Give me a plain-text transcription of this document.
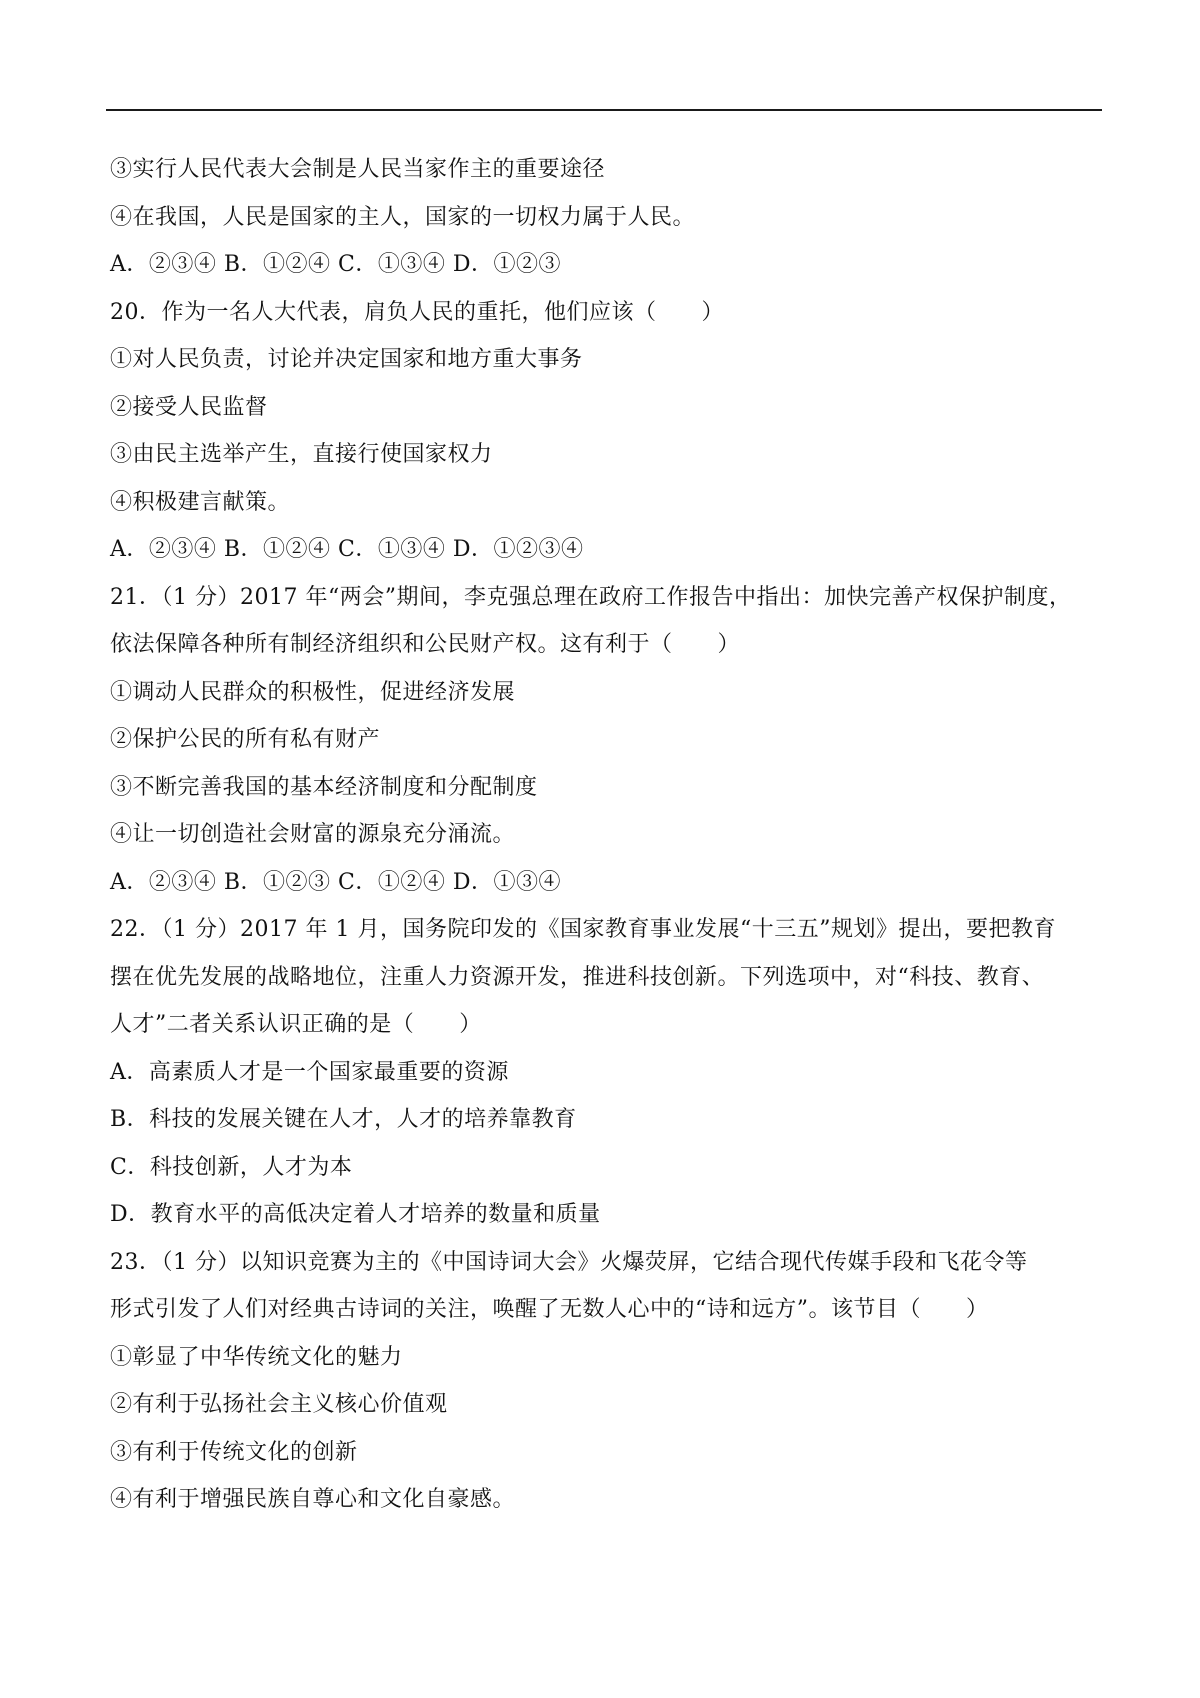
③实行人民代表大会制是人民当家作主的重要途径
④在我国，人民是国家的主人，国家的一切权力属于人民。
A．②③④ B．①②④ C．①③④ D．①②③
20．作为一名人大代表，肩负人民的重托，他们应该（　　）
①对人民负责，讨论并决定国家和地方重大事务
②接受人民监督
③由民主选举产生，直接行使国家权力
④积极建言献策。
A．②③④ B．①②④ C．①③④ D．①②③④
21．（1 分）2017 年“两会”期间，李克强总理在政府工作报告中指出：加快完善产权保护制度，
依法保障各种所有制经济组织和公民财产权。这有利于（　　）
①调动人民群众的积极性，促进经济发展
②保护公民的所有私有财产
③不断完善我国的基本经济制度和分配制度
④让一切创造社会财富的源泉充分涌流。
A．②③④ B．①②③ C．①②④ D．①③④
22．（1 分）2017 年 1 月，国务院印发的《国家教育事业发展“十三五”规划》提出，要把教育
摆在优先发展的战略地位，注重人力资源开发，推进科技创新。下列选项中，对“科技、教育、
人才”二者关系认识正确的是（　　）
A．高素质人才是一个国家最重要的资源
B．科技的发展关键在人才，人才的培养靠教育
C．科技创新，人才为本
D．教育水平的高低决定着人才培养的数量和质量
23．（1 分）以知识竞赛为主的《中国诗词大会》火爆荧屏，它结合现代传媒手段和飞花令等
形式引发了人们对经典古诗词的关注，唤醒了无数人心中的“诗和远方”。该节目（　　）
①彰显了中华传统文化的魅力
②有利于弘扬社会主义核心价值观
③有利于传统文化的创新
④有利于增强民族自尊心和文化自豪感。
